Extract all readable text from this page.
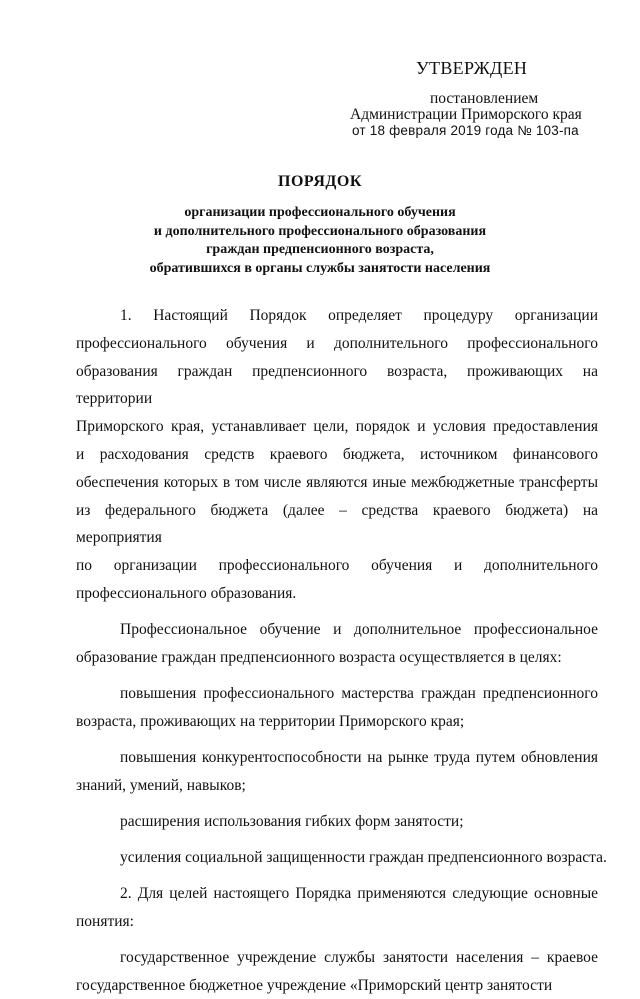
УТВЕРЖДЕН
постановлением
Администрации Приморского края
от 18 февраля 2019 года № 103-па
ПОРЯДОК
организации профессионального обучения
и дополнительного профессионального образования
граждан предпенсионного возраста,
обратившихся в органы службы занятости населения
1. Настоящий Порядок определяет процедуру организации
профессионального обучения и дополнительного профессионального
образования граждан предпенсионного возраста, проживающих на территории
Приморского края, устанавливает цели, порядок и условия предоставления
и расходования средств краевого бюджета, источником финансового
обеспечения которых в том числе являются иные межбюджетные трансферты
из федерального бюджета (далее – средства краевого бюджета) на мероприятия
по организации профессионального обучения и дополнительного
профессионального образования.
Профессиональное обучение и дополнительное профессиональное
образование граждан предпенсионного возраста осуществляется в целях:
повышения профессионального мастерства граждан предпенсионного
возраста, проживающих на территории Приморского края;
повышения конкурентоспособности на рынке труда путем обновления
знаний, умений, навыков;
расширения использования гибких форм занятости;
усиления социальной защищенности граждан предпенсионного возраста.
2. Для целей настоящего Порядка применяются следующие основные
понятия:
государственное учреждение службы занятости населения – краевое
государственное бюджетное учреждение «Приморский центр занятости
